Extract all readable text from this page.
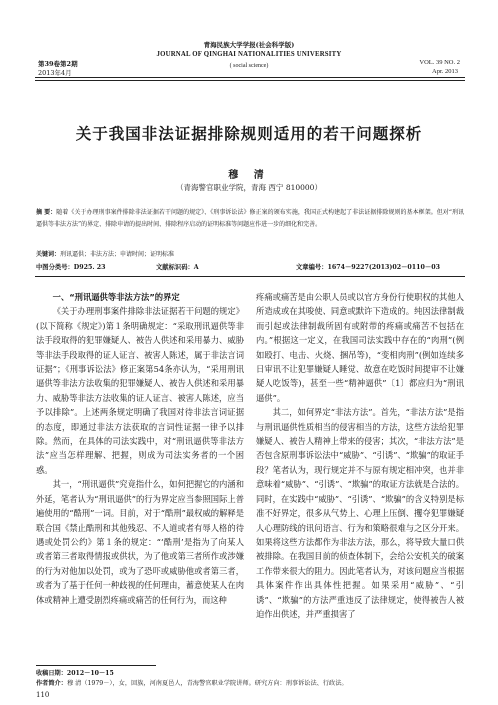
青海民族大学学报(社会科学版)
JOURNAL OF QINGHAI NATIONALITIES UNIVERSITY
( social science)
第39卷第2期
2013年4月
VOL. 39 NO. 2
Apr. 2013
关于我国非法证据排除规则适用的若干问题探析
穆 清
（青海警官职业学院，青海 西宁 810000）
摘 要：随着《关于办理刑事案件排除非法证据若干问题的规定》、《刑事诉讼法》修正案的颁布实施，我国正式构建起了非法证据排除规则的基本框架。但对“刑讯逼供等非法方法”的界定、排除申请的提出时间、排除程序启动的证明标准等问题应作进一步的细化和完善。
关键词：刑讯逼供；非法方法；申请时间；证明标准
中图分类号：D925. 23	文献标识码：A	文章编号：1674－9227(2013)02－0110－03
一、“刑讯逼供等非法方法”的界定

《关于办理刑事案件排除非法证据若干问题的规定》(以下简称《规定》)第１条明确规定：“采取刑讯逼供等非法手段取得的犯罪嫌疑人、被告人供述和采用暴力、威胁等非法手段取得的证人证言、被害人陈述，属于非法言词证据”；《刑事诉讼法》修正案第54条亦认为，“采用刑讯逼供等非法方法收集的犯罪嫌疑人、被告人供述和采用暴力、威胁等非法方法收集的证人证言、被害人陈述，应当予以排除”。上述两条规定明确了我国对待非法言词证据的态度，即通过非法方法获取的言词性证据一律予以排除。然而，在具体的司法实践中，对“刑讯逼供等非法方法”应当怎样理解、把握，则成为司法实务者的一个困惑。

其一，“刑讯逼供”究竟指什么，如何把握它的内涵和外延，笔者认为“刑讯逼供”的行为界定应当参照国际上普遍使用的“酷刑”一词。目前，对于“酷刑”最权威的解释是联合国《禁止酷刑和其他残忍、不人道或者有辱人格的待遇或处罚公约》第１条的规定：“‘酷刑’是指为了向某人或者第三者取得情报或供状，为了他或第三者所作或涉嫌的行为对他加以处罚，或为了恐吓或威胁他或者第三者，或者为了基于任何一种歧视的任何理由，蓄意使某人在肉体或精神上遭受剧烈疼痛或痛苦的任何行为，而这种

疼痛或痛苦是由公职人员或以官方身份行使职权的其他人所造成或在其唆使、同意或默许下造成的。纯因法律制裁而引起或法律制裁所固有或附带的疼痛或痛苦不包括在内。”根据这一定义，在我国司法实践中存在的“肉刑”(例如殴打、电击、火烧、捆吊等)，“变相肉刑”(例如连续多日审讯不让犯罪嫌疑人睡觉、故意在吃饭时间提审不让嫌疑人吃饭等)，甚至一些“精神逼供”〔1〕都应归为“刑讯逼供”。

其二，如何界定“非法方法”。首先，“非法方法”是指与刑讯逼供性质相当的侵害相当的方法，这些方法给犯罪嫌疑人、被告人精神上带来的侵害；其次，“非法方法”是否包含原刑事诉讼法中“威胁”、“引诱”、“欺骗”的取证手段？笔者认为，现行规定并不与原有规定相冲突，也并非意味着“威胁”、“引诱”、“欺骗”的取证方法就是合法的。同时，在实践中“威胁”、“引诱”、“欺骗”的含义特别是标准不好界定，很多从气势上、心理上压倒、攫夺犯罪嫌疑人心理防线的讯问语言、行为和策略很难与之区分开来。如果将这些方法都作为非法方法，那么，将导致大量口供被排除。在我国目前的侦查体制下，会给公安机关的破案工作带来很大的阻力。因此笔者认为，对该问题应当根据具体案件作出具体性把握。如果采用“威胁”、“引诱”、“欺骗”的方法严重违反了法律规定，使得被告人被迫作出供述，并严重损害了

收稿日期：2012－10－15
作者简介：穆 清（1979－），女，回族，河南夏邑人，青海警官职业学院讲师。研究方向：刑事诉讼法、行政法。
110
